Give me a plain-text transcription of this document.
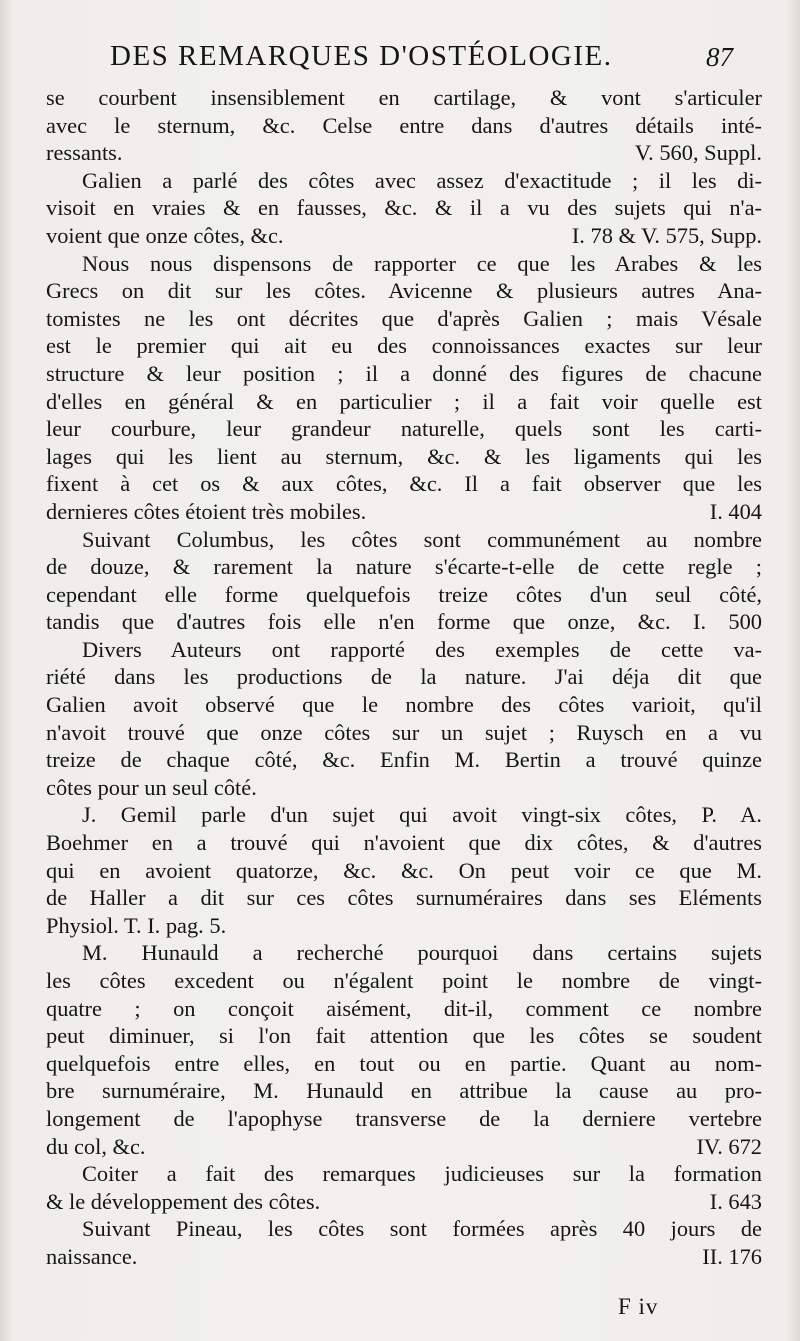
DES REMARQUES D'OSTÉOLOGIE.	87
se courbent insensiblement en cartilage, & vont s'articuler
avec le sternum, &c. Celse entre dans d'autres détails inté-
ressants.	V. 560, Suppl.
Galien a parlé des côtes avec assez d'exactitude ; il les di-
visoit en vraies & en fausses, &c. & il a vu des sujets qui n'a-
voient que onze côtes, &c.	I. 78 & V. 575, Supp.
Nous nous dispensons de rapporter ce que les Arabes & les
Grecs on dit sur les côtes. Avicenne & plusieurs autres Ana-
tomistes ne les ont décrites que d'après Galien ; mais Vésale
est le premier qui ait eu des connoissances exactes sur leur
structure & leur position ; il a donné des figures de chacune
d'elles en général & en particulier ; il a fait voir quelle est
leur courbure, leur grandeur naturelle, quels sont les carti-
lages qui les lient au sternum, &c. & les ligaments qui les
fixent à cet os & aux côtes, &c. Il a fait observer que les
dernieres côtes étoient très mobiles.	I. 404
Suivant Columbus, les côtes sont communément au nombre
de douze, & rarement la nature s'écarte-t-elle de cette regle ;
cependant elle forme quelquefois treize côtes d'un seul côté,
tandis que d'autres fois elle n'en forme que onze, &c. I. 500
Divers Auteurs ont rapporté des exemples de cette va-
riété dans les productions de la nature. J'ai déja dit que
Galien avoit observé que le nombre des côtes varioit, qu'il
n'avoit trouvé que onze côtes sur un sujet ; Ruysch en a vu
treize de chaque côté, &c. Enfin M. Bertin a trouvé quinze
côtes pour un seul côté.
J. Gemil parle d'un sujet qui avoit vingt-six côtes, P. A.
Boehmer en a trouvé qui n'avoient que dix côtes, & d'autres
qui en avoient quatorze, &c. &c. On peut voir ce que M.
de Haller a dit sur ces côtes surnuméraires dans ses Eléments
Physiol. T. I. pag. 5.
M. Hunauld a recherché pourquoi dans certains sujets
les côtes excedent ou n'égalent point le nombre de vingt-
quatre ; on conçoit aisément, dit-il, comment ce nombre
peut diminuer, si l'on fait attention que les côtes se soudent
quelquefois entre elles, en tout ou en partie. Quant au nom-
bre surnuméraire, M. Hunauld en attribue la cause au pro-
longement de l'apophyse transverse de la derniere vertebre
du col, &c.	IV. 672
Coiter a fait des remarques judicieuses sur la formation
& le développement des côtes.	I. 643
Suivant Pineau, les côtes sont formées après 40 jours de
naissance.	II. 176
F iv
